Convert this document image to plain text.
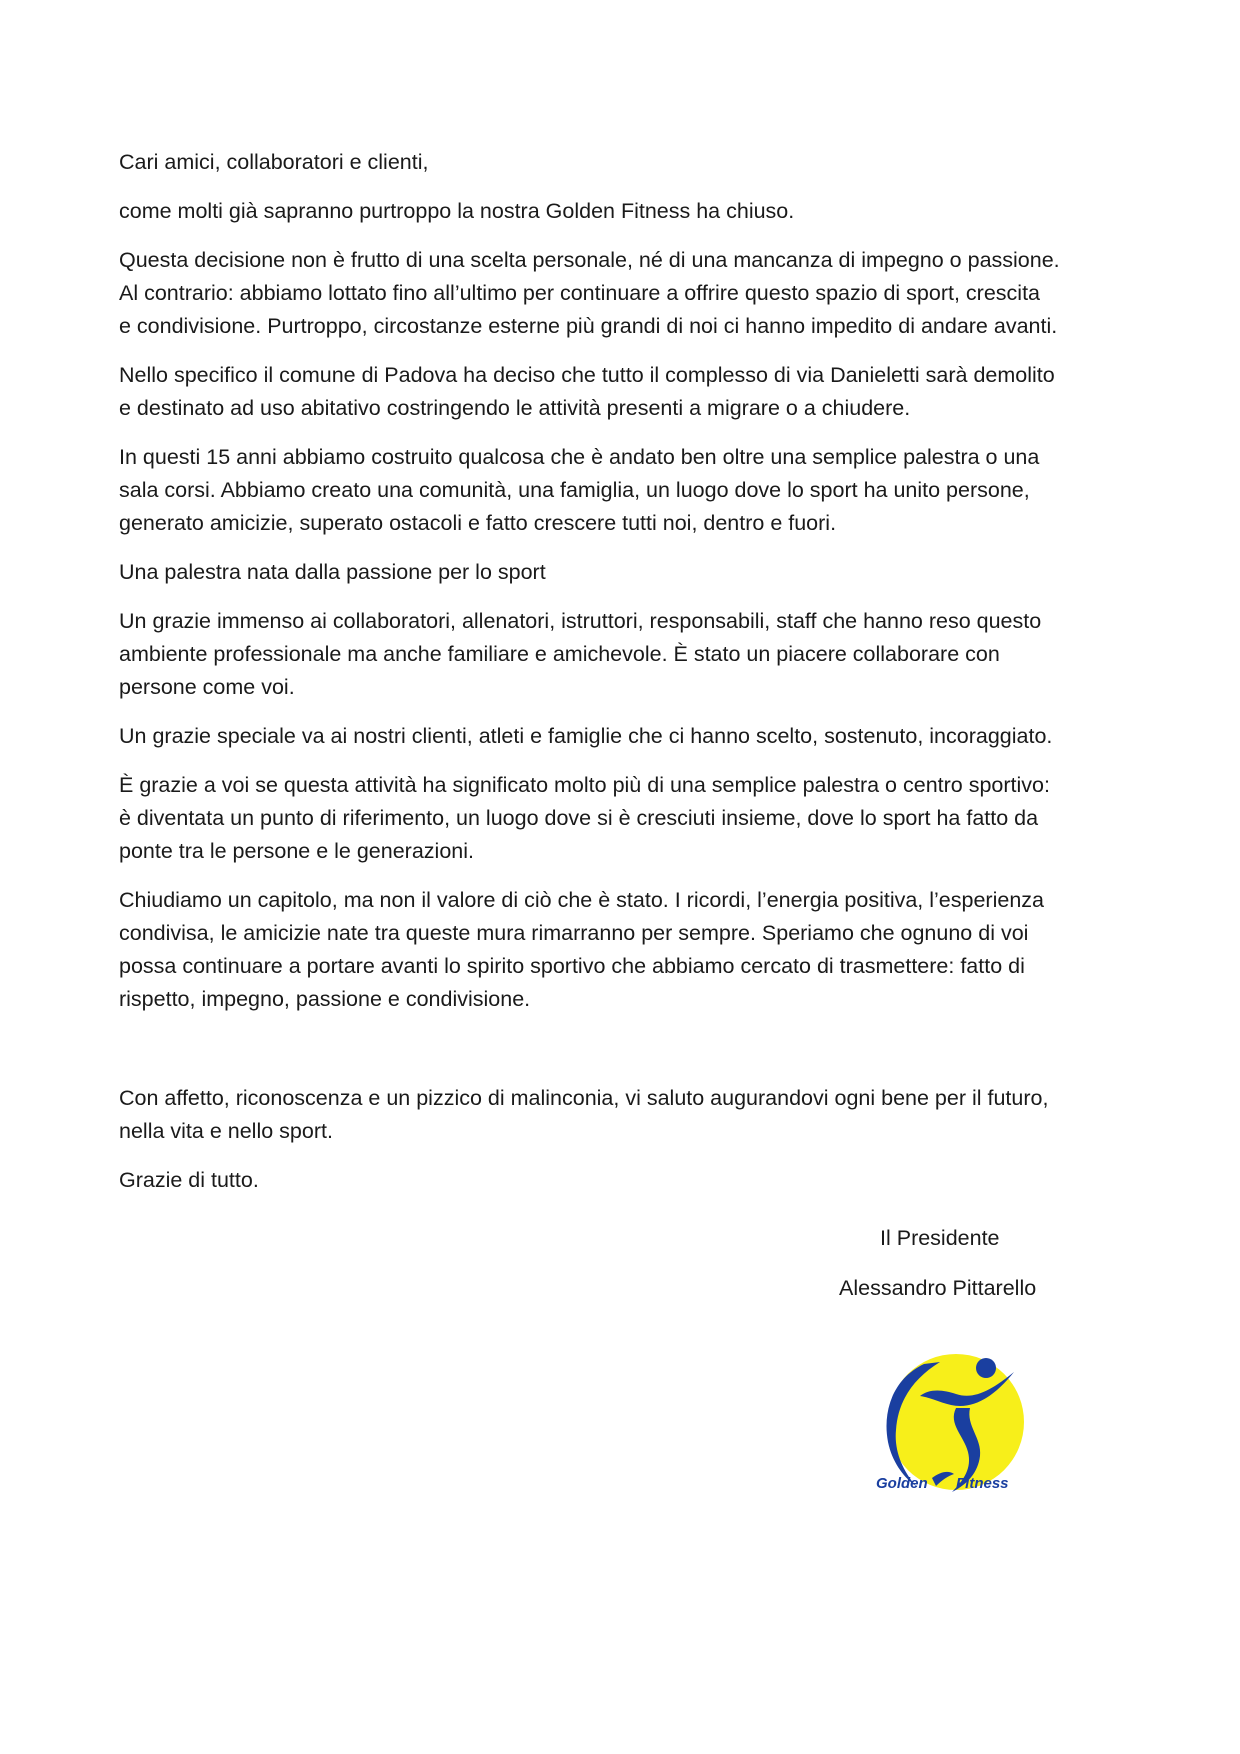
Cari amici, collaboratori e clienti,

come molti già sapranno purtroppo la nostra Golden Fitness ha chiuso.

Questa decisione non è frutto di una scelta personale, né di una mancanza di impegno o passione.
Al contrario: abbiamo lottato fino all’ultimo per continuare a offrire questo spazio di sport, crescita
e condivisione. Purtroppo, circostanze esterne più grandi di noi ci hanno impedito di andare avanti.

Nello specifico il comune di Padova ha deciso che tutto il complesso di via Danieletti sarà demolito
e destinato ad uso abitativo costringendo le attività presenti a migrare o a chiudere.

In questi 15 anni abbiamo costruito qualcosa che è andato ben oltre una semplice palestra o una
sala corsi. Abbiamo creato una comunità, una famiglia, un luogo dove lo sport ha unito persone,
generato amicizie, superato ostacoli e fatto crescere tutti noi, dentro e fuori.

Una palestra nata dalla passione per lo sport

Un grazie immenso ai collaboratori, allenatori, istruttori, responsabili, staff che hanno reso questo
ambiente professionale ma anche familiare e amichevole. È stato un piacere collaborare con
persone come voi.

Un grazie speciale va ai nostri clienti, atleti e famiglie che ci hanno scelto, sostenuto, incoraggiato.

È grazie a voi se questa attività ha significato molto più di una semplice palestra o centro sportivo:
è diventata un punto di riferimento, un luogo dove si è cresciuti insieme, dove lo sport ha fatto da
ponte tra le persone e le generazioni.

Chiudiamo un capitolo, ma non il valore di ciò che è stato. I ricordi, l’energia positiva, l’esperienza
condivisa, le amicizie nate tra queste mura rimarranno per sempre. Speriamo che ognuno di voi
possa continuare a portare avanti lo spirito sportivo che abbiamo cercato di trasmettere: fatto di
rispetto, impegno, passione e condivisione.

Con affetto, riconoscenza e un pizzico di malinconia, vi saluto augurandovi ogni bene per il futuro,
nella vita e nello sport.

Grazie di tutto.

Il Presidente
Alessandro Pittarello
Golden Fitness
